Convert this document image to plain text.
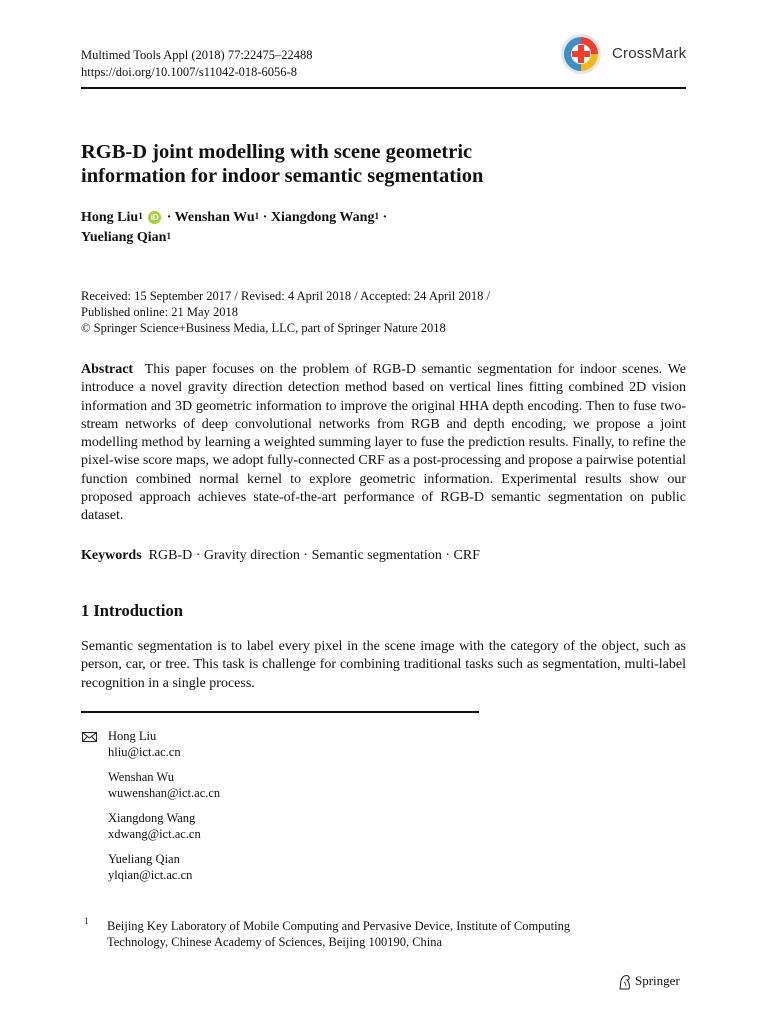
Multimed Tools Appl (2018) 77:22475–22488
https://doi.org/10.1007/s11042-018-6056-8
CrossMark
RGB-D joint modelling with scene geometric
information for indoor semantic segmentation
Hong Liu$^1$ iD · Wenshan $Wu^1$ · Xiangdong Wang$^1$ ·
Yueliang Qian$^1$
Received: 15 September 2017 / Revised: 4 April 2018 / Accepted: 24 April 2018 /
Published online: 21 May 2018
© Springer Science+Business Media, LLC, part of Springer Nature 2018
Abstract This paper focuses on the problem of RGB-D semantic segmentation for indoor scenes. We introduce a novel gravity direction detection method based on vertical lines fitting combined 2D vision information and 3D geometric information to improve the original HHA depth encoding. Then to fuse two-stream networks of deep convolutional networks from RGB and depth encoding, we propose a joint modelling method by learning a weighted summing layer to fuse the prediction results. Finally, to refine the pixel-wise score maps, we adopt fully-connected CRF as a post-processing and propose a pairwise potential function combined normal kernel to explore geometric information. Experimental results show our proposed approach achieves state-of-the-art performance of RGB-D semantic segmentation on public dataset.
Keywords RGB-D · Gravity direction · Semantic segmentation · CRF
1 Introduction
Semantic segmentation is to label every pixel in the scene image with the category of the object, such as person, car, or tree. This task is challenge for combining traditional tasks such as segmentation, multi-label recognition in a single process.
Hong Liu
hliu@ict.ac.cn
Wenshan Wu
wuwenshan@ict.ac.cn
Xiangdong Wang
xdwang@ict.ac.cn
Yueliang Qian
ylqian@ict.ac.cn
1 Beijing Key Laboratory of Mobile Computing and Pervasive Device, Institute of Computing
Technology, Chinese Academy of Sciences, Beijing 100190, China
Springer
